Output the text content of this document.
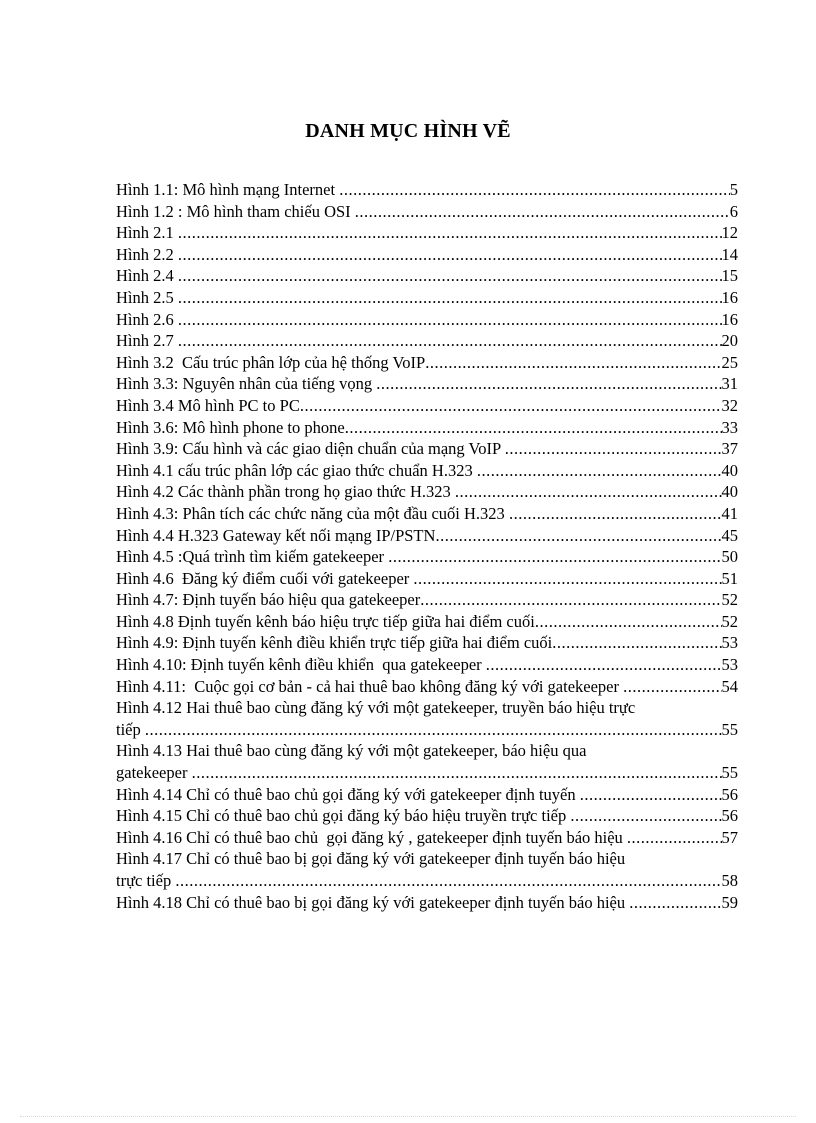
DANH MỤC HÌNH VẼ
Hình 1.1: Mô hình mạng Internet .....	5
Hình 1.2 : Mô hình tham chiếu OSI .....	6
Hình 2.1 .....	12
Hình 2.2 .....	14
Hình 2.4 .....	15
Hình 2.5 .....	16
Hình 2.6 .....	16
Hình 2.7 .....	20
Hình 3.2  Cấu trúc phân lớp của hệ thống VoIP .....	25
Hình 3.3: Nguyên nhân của tiếng vọng .....	31
Hình 3.4 Mô hình PC to PC .....	32
Hình 3.6: Mô hình phone to phone .....	33
Hình 3.9: Cấu hình và các giao diện chuẩn của mạng VoIP .....	37
Hình 4.1 cấu trúc phân lớp các giao thức chuẩn H.323 .....	40
Hình 4.2 Các thành phần trong họ giao thức H.323 .....	40
Hình 4.3: Phân tích các chức năng của một đầu cuối H.323 .....	41
Hình 4.4 H.323 Gateway kết nối mạng IP/PSTN .....	45
Hình 4.5 :Quá trình tìm kiếm gatekeeper .....	50
Hình 4.6  Đăng ký điểm cuối với gatekeeper .....	51
Hình 4.7: Định tuyến báo hiệu qua gatekeeper .....	52
Hình 4.8 Định tuyến kênh báo hiệu trực tiếp giữa hai điểm cuối .....	52
Hình 4.9: Định tuyến kênh điều khiển trực tiếp giữa hai điểm cuối .....	53
Hình 4.10: Định tuyến kênh điều khiển  qua gatekeeper .....	53
Hình 4.11:  Cuộc gọi cơ bản - cả hai thuê bao không đăng ký với gatekeeper .....	54
Hình 4.12 Hai thuê bao cùng đăng ký với một gatekeeper, truyền báo hiệu trực
tiếp .....	55
Hình 4.13 Hai thuê bao cùng đăng ký với một gatekeeper, báo hiệu qua
gatekeeper .....	55
Hình 4.14 Chỉ có thuê bao chủ gọi đăng ký với gatekeeper định tuyến .....	56
Hình 4.15 Chỉ có thuê bao chủ gọi đăng ký báo hiệu truyền trực tiếp .....	56
Hình 4.16 Chỉ có thuê bao chủ  gọi đăng ký , gatekeeper định tuyến báo hiệu .....	57
Hình 4.17 Chỉ có thuê bao bị gọi đăng ký với gatekeeper định tuyến báo hiệu
trực tiếp .....	58
Hình 4.18 Chỉ có thuê bao bị gọi đăng ký với gatekeeper định tuyến báo hiệu .....	59
